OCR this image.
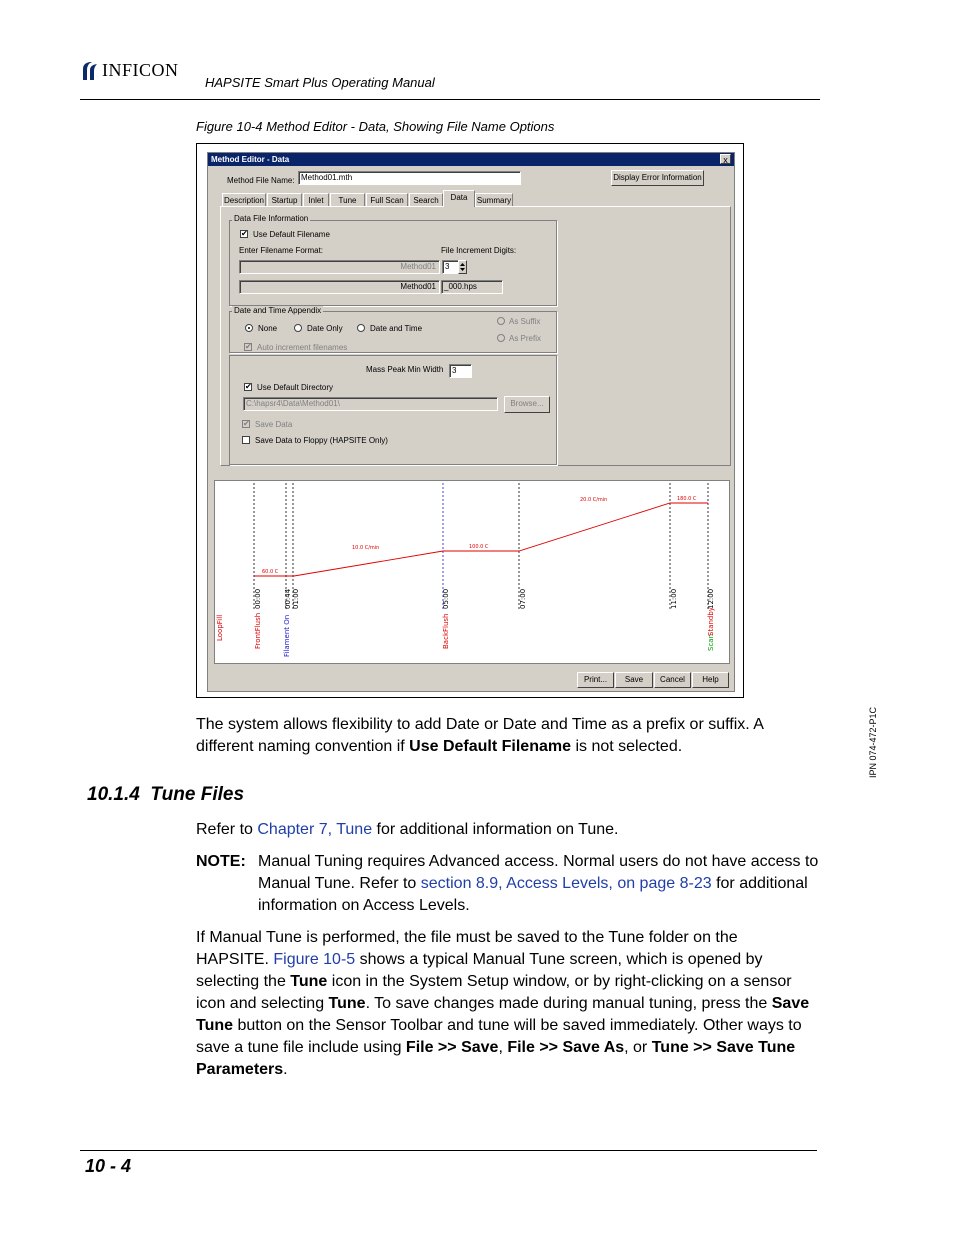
INFICON
HAPSITE Smart Plus Operating Manual
Figure 10-4 Method Editor - Data, Showing File Name Options
Method Editor - Data	x
Method File Name: Method01.mth	Display Error Information
Description Startup	Inlet	Tune	Full Scan	Search	Data	Summary
Data File Information
✔ Use Default Filename
Enter Filename Format:	File Increment Digits:
Method01	3
Method01	_000.hps
Date and Time Appendix
None	Date Only	Date and Time
As Suffix
As Prefix
✔ Auto increment filenames
Mass Peak Min Width	3
✔ Use Default Directory
C:\hapsr4\Data\Method01\	Browse...
✔ Save Data
Save Data to Floppy (HAPSITE Only)
60.0 C
100.0 C
180.0 C
10.0 C/min
20.0 C/min
00:00	00:44 01:00	05:00	07:00	11:00	12:00
LoopFill	FrontFlush	Filament On	BackFlush	Scan
Standby
Print...	Save	Cancel	Help
The system allows flexibility to add Date or Date and Time as a prefix or suffix. A different naming convention if Use Default Filename is not selected.
10.1.4 Tune Files
IPN 074-472-P1C
Refer to Chapter 7, Tune for additional information on Tune.
NOTE: Manual Tuning requires Advanced access. Normal users do not have access to Manual Tune. Refer to section 8.9, Access Levels, on page 8-23 for additional information on Access Levels.
If Manual Tune is performed, the file must be saved to the Tune folder on the HAPSITE. Figure 10-5 shows a typical Manual Tune screen, which is opened by selecting the Tune icon in the System Setup window, or by right-clicking on a sensor icon and selecting Tune. To save changes made during manual tuning, press the Save Tune button on the Sensor Toolbar and tune will be saved immediately. Other ways to save a tune file include using File >> Save, File >> Save As, or Tune >> Save Tune Parameters.
10 - 4
